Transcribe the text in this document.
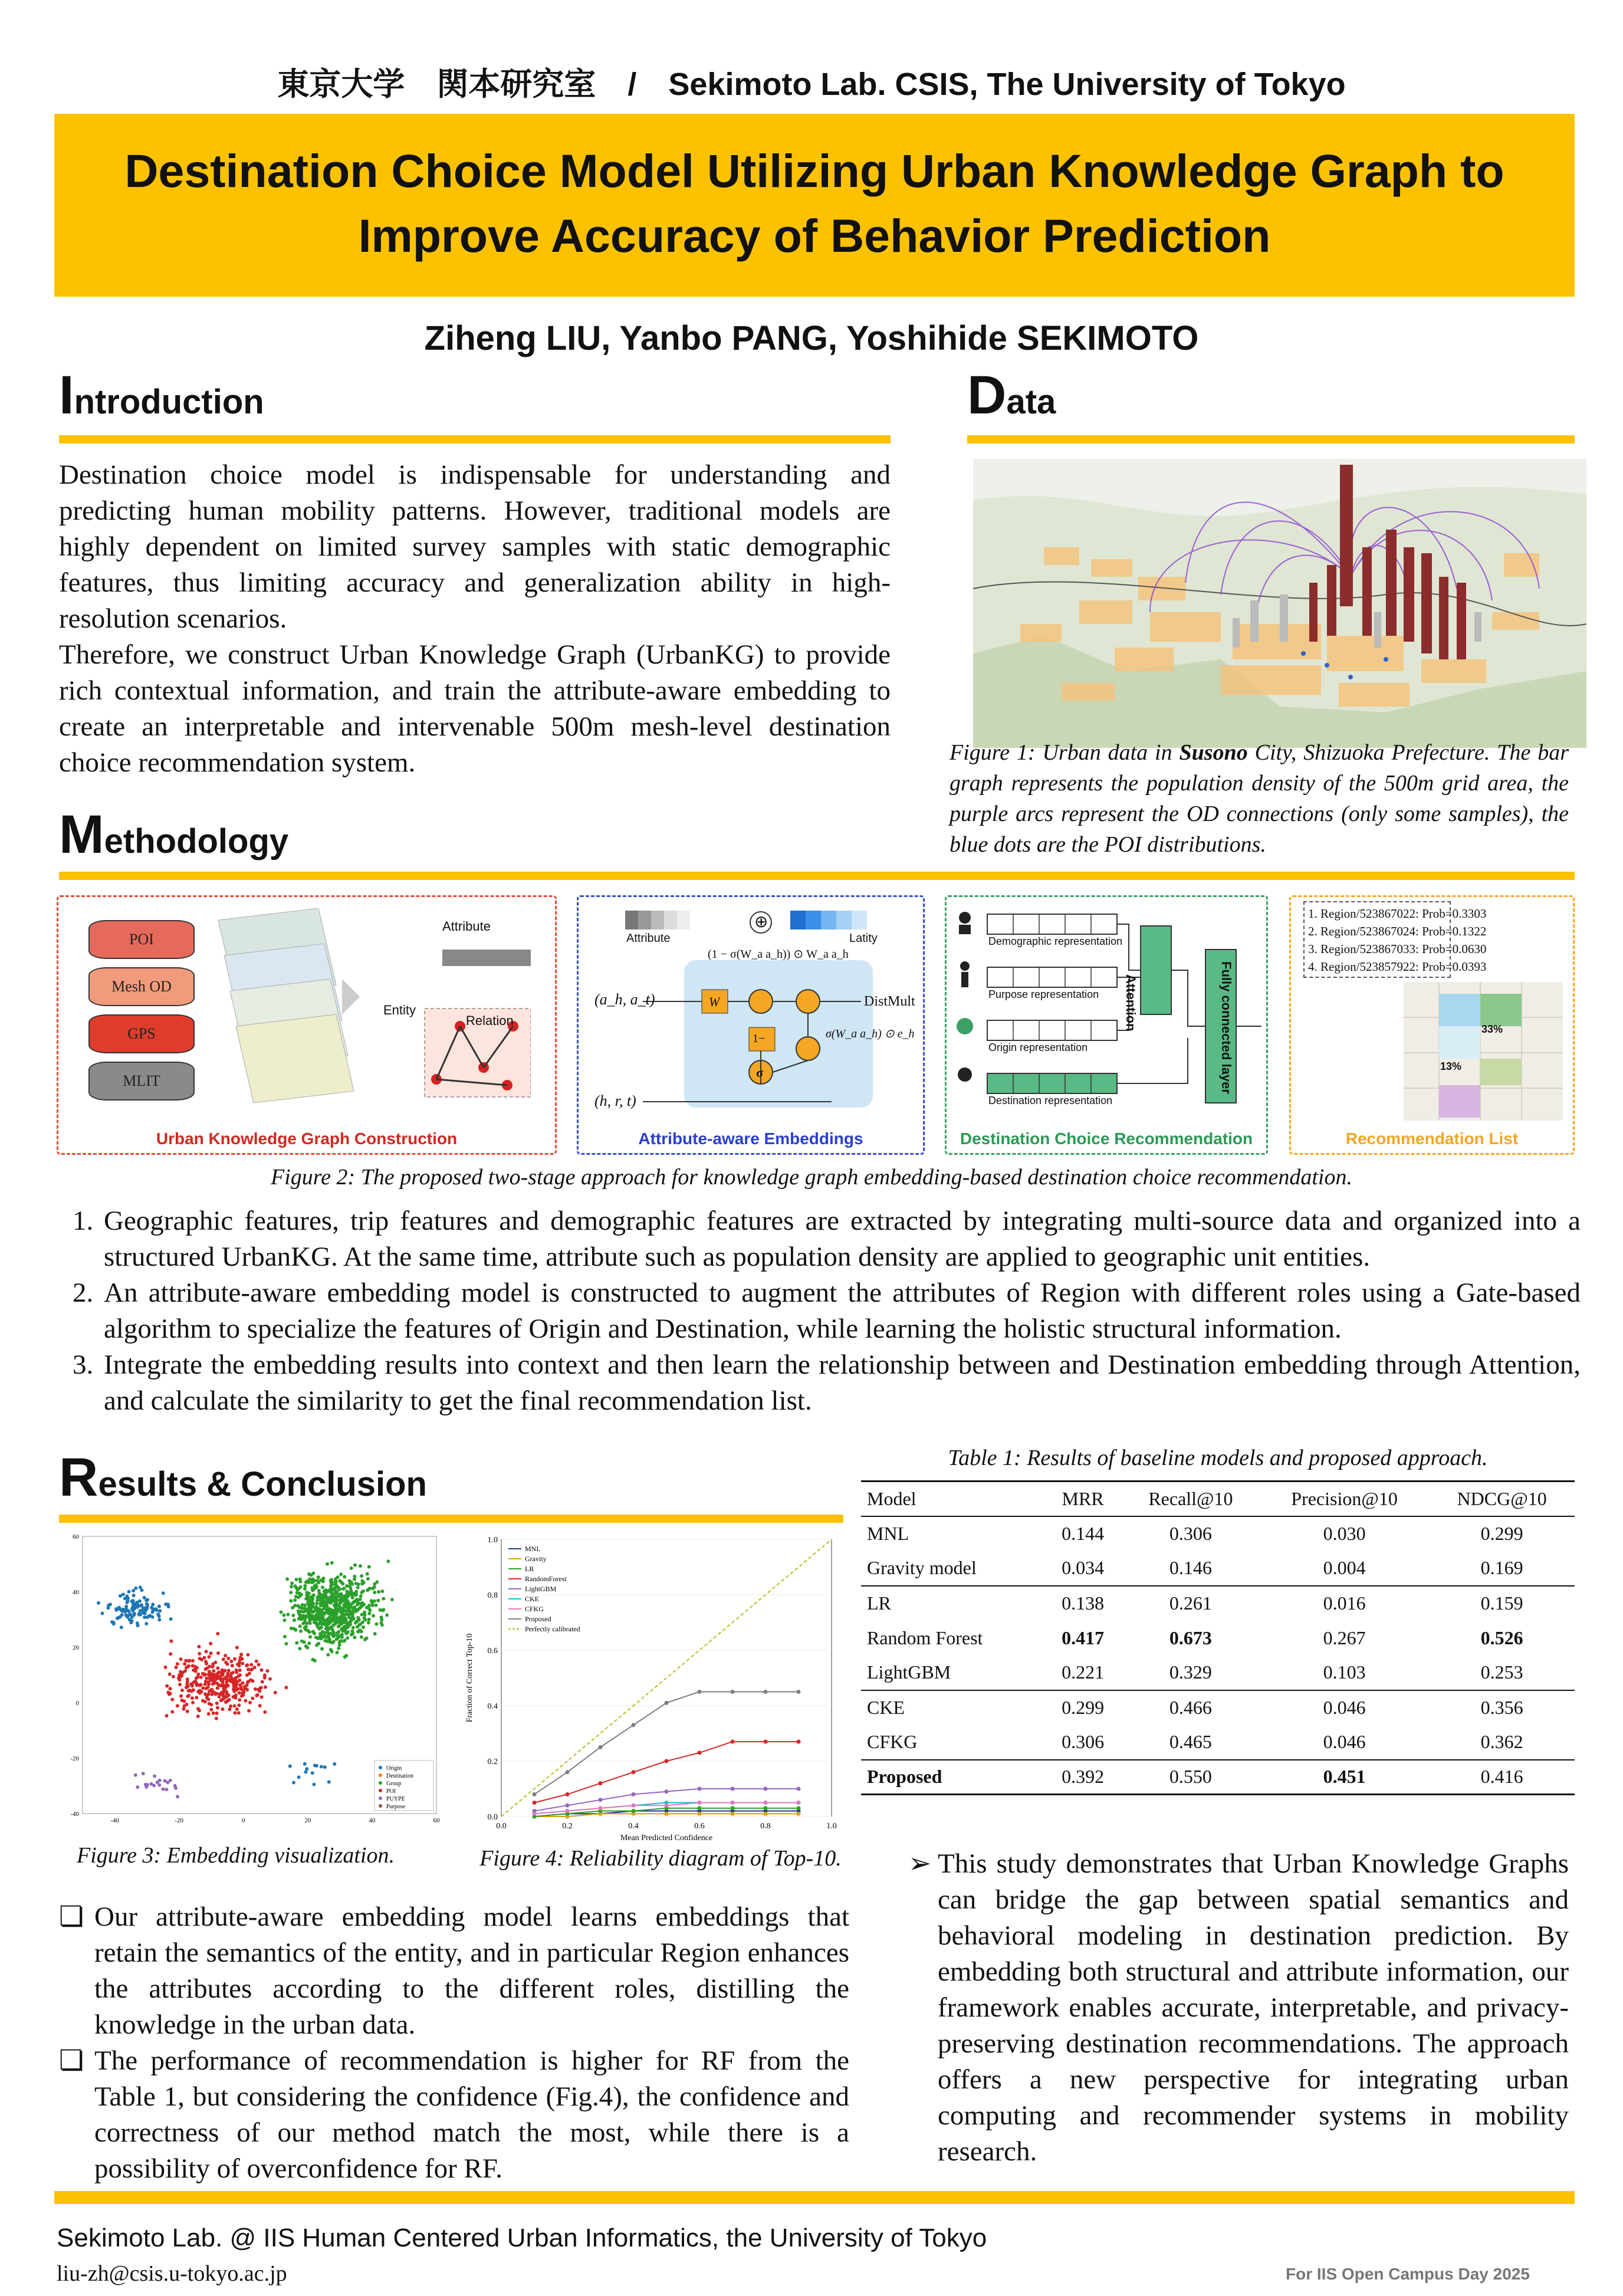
東京大学　関本研究室　/　Sekimoto Lab. CSIS, The University of Tokyo
Destination Choice Model Utilizing Urban Knowledge Graph to
Improve Accuracy of Behavior Prediction
Ziheng LIU, Yanbo PANG, Yoshihide SEKIMOTO
Introduction

Destination choice model is indispensable for understanding and predicting human mobility patterns. However, traditional models are highly dependent on limited survey samples with static demographic features, thus limiting accuracy and generalization ability in high-resolution scenarios.

Therefore, we construct Urban Knowledge Graph (UrbanKG) to provide rich contextual information, and train the attribute-aware embedding to create an interpretable and intervenable 500m mesh-level destination choice recommendation system.

Data
Figure 1: Urban data in Susono City, Shizuoka Prefecture. The bar graph represents the population density of the 500m grid area, the purple arcs represent the OD connections (only some samples), the blue dots are the POI distributions.
Methodology
POI
Mesh OD
GPS
MLIT
Attribute
Entity
Relation
Urban Knowledge Graph Construction
Attribute	Latity
⊕
(1 − σ(W_a a_h)) ⊙ W_a a_h
(a_h, a_t)	W
1−
σ
DistMult
σ(W_a a_h) ⊙ e_h
(h, r, t)
Attribute-aware Embeddings
Demographic representation
Purpose representation
Origin representation
Destination representation
Attention	Fully connected layer
Destination Choice Recommendation
1. Region/523867022: Prob=0.3303
2. Region/523867024: Prob=0.1322
3. Region/523867033: Prob=0.0630
4. Region/523857922: Prob=0.0393
33%
13%
Recommendation List
Figure 2: The proposed two-stage approach for knowledge graph embedding-based destination choice recommendation.
1. Geographic features, trip features and demographic features are extracted by integrating multi-source data and organized into a structured UrbanKG. At the same time, attribute such as population density are applied to geographic unit entities.
2. An attribute-aware embedding model is constructed to augment the attributes of Region with different roles using a Gate-based algorithm to specialize the features of Origin and Destination, while learning the holistic structural information.
3. Integrate the embedding results into context and then learn the relationship between and Destination embedding through Attention, and calculate the similarity to get the final recommendation list.
Results & Conclusion
Origin
Destination
Group
POI
PUYPE
Purpose
-40	-20	0	20	40	60
-40
-20
0
20
40
60
Figure 3: Embedding visualization.
0.0
0.2
0.4
0.6
0.8
1.0
0.0	0.2	0.4	0.6	0.8	1.0
Mean Predicted Confidence
Fraction of Correct Top-10
MNL
Gravity
LR
RandomForest
LightGBM
CKE
CFKG
Proposed
Perfectly calibrated
Figure 4: Reliability diagram of Top-10.
❏ Our attribute-aware embedding model learns embeddings that retain the semantics of the entity, and in particular Region enhances the attributes according to the different roles, distilling the knowledge in the urban data.
❏ The performance of recommendation is higher for RF from the Table 1, but considering the confidence (Fig.4), the confidence and correctness of our method match the most, while there is a possibility of overconfidence for RF.
Table 1: Results of baseline models and proposed approach.
Model	MRR	Recall@10	Precision@10	NDCG@10
MNL	0.144	0.306	0.030	0.299
Gravity model	0.034	0.146	0.004	0.169
LR	0.138	0.261	0.016	0.159
Random Forest	0.417	0.673	0.267	0.526
LightGBM	0.221	0.329	0.103	0.253
CKE	0.299	0.466	0.046	0.356
CFKG	0.306	0.465	0.046	0.362
Proposed	0.392	0.550	0.451	0.416
➢ This study demonstrates that Urban Knowledge Graphs can bridge the gap between spatial semantics and behavioral modeling in destination prediction. By embedding both structural and attribute information, our framework enables accurate, interpretable, and privacy-preserving destination recommendations. The approach offers a new perspective for integrating urban computing and recommender systems in mobility research.
Sekimoto Lab. @ IIS Human Centered Urban Informatics, the University of Tokyo
liu-zh@csis.u-tokyo.ac.jp	For IIS Open Campus Day 2025
